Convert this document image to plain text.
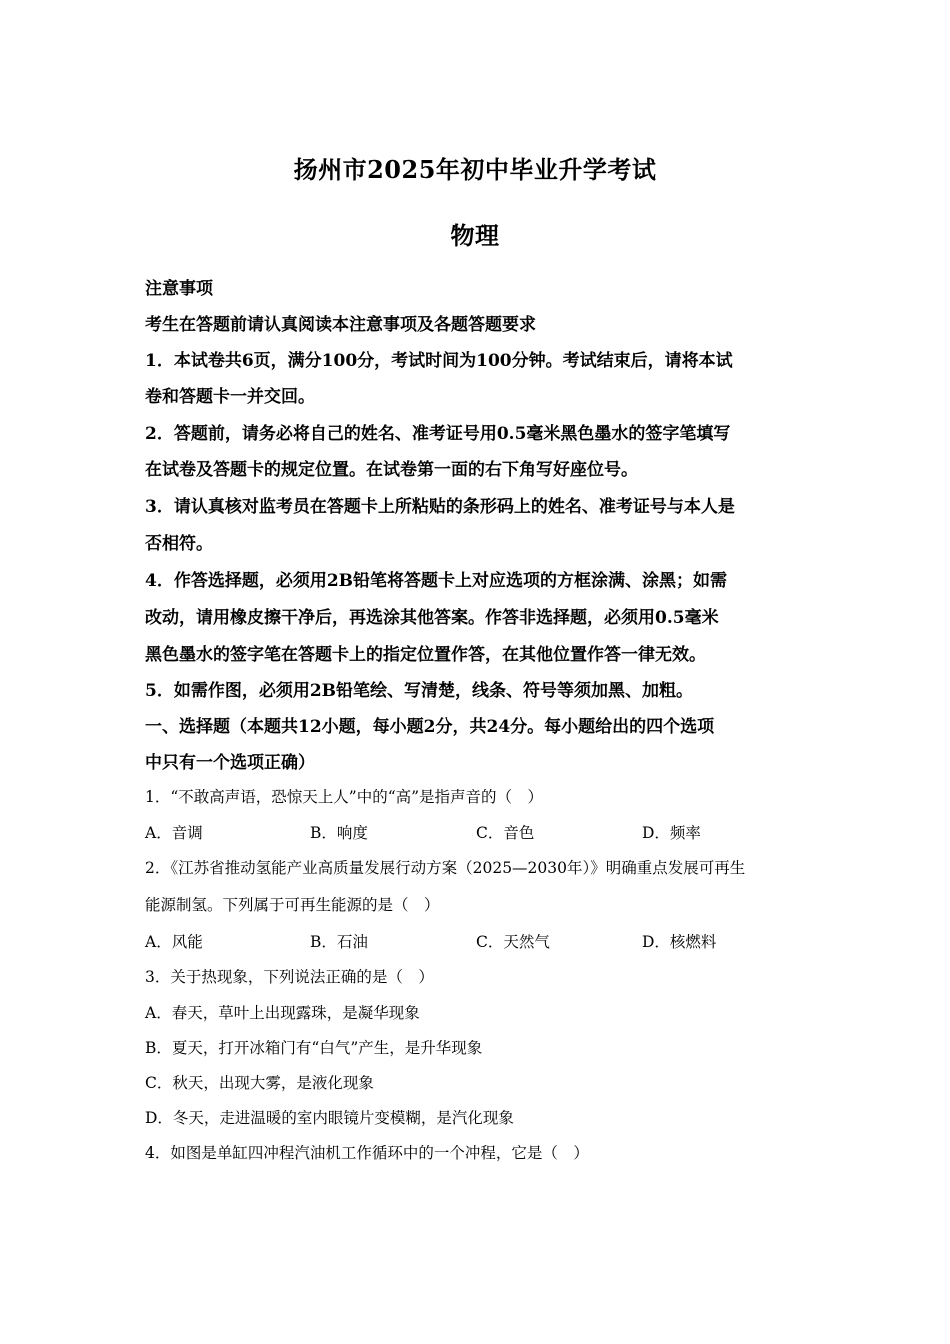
扬州市2025年初中毕业升学考试
物理
注意事项
考生在答题前请认真阅读本注意事项及各题答题要求
1．本试卷共6页，满分100分，考试时间为100分钟。考试结束后，请将本试
卷和答题卡一并交回。
2．答题前，请务必将自己的姓名、准考证号用0.5毫米黑色墨水的签字笔填写
在试卷及答题卡的规定位置。在试卷第一面的右下角写好座位号。
3．请认真核对监考员在答题卡上所粘贴的条形码上的姓名、准考证号与本人是
否相符。
4．作答选择题，必须用2B铅笔将答题卡上对应选项的方框涂满、涂黑；如需
改动，请用橡皮擦干净后，再选涂其他答案。作答非选择题，必须用0.5毫米
黑色墨水的签字笔在答题卡上的指定位置作答，在其他位置作答一律无效。
5．如需作图，必须用2B铅笔绘、写清楚，线条、符号等须加黑、加粗。
一、选择题（本题共12小题，每小题2分，共24分。每小题给出的四个选项
中只有一个选项正确）
1．“不敢高声语，恐惊天上人”中的“高”是指声音的（　）
A．音调	B．响度	C．音色	D．频率
2．《江苏省推动氢能产业高质量发展行动方案（2025—2030年）》明确重点发展可再生
能源制氢。下列属于可再生能源的是（　）
A．风能	B．石油	C．天然气	D．核燃料
3．关于热现象，下列说法正确的是（　）
A．春天，草叶上出现露珠，是凝华现象
B．夏天，打开冰箱门有“白气”产生，是升华现象
C．秋天，出现大雾，是液化现象
D．冬天，走进温暖的室内眼镜片变模糊，是汽化现象
4．如图是单缸四冲程汽油机工作循环中的一个冲程，它是（　）
